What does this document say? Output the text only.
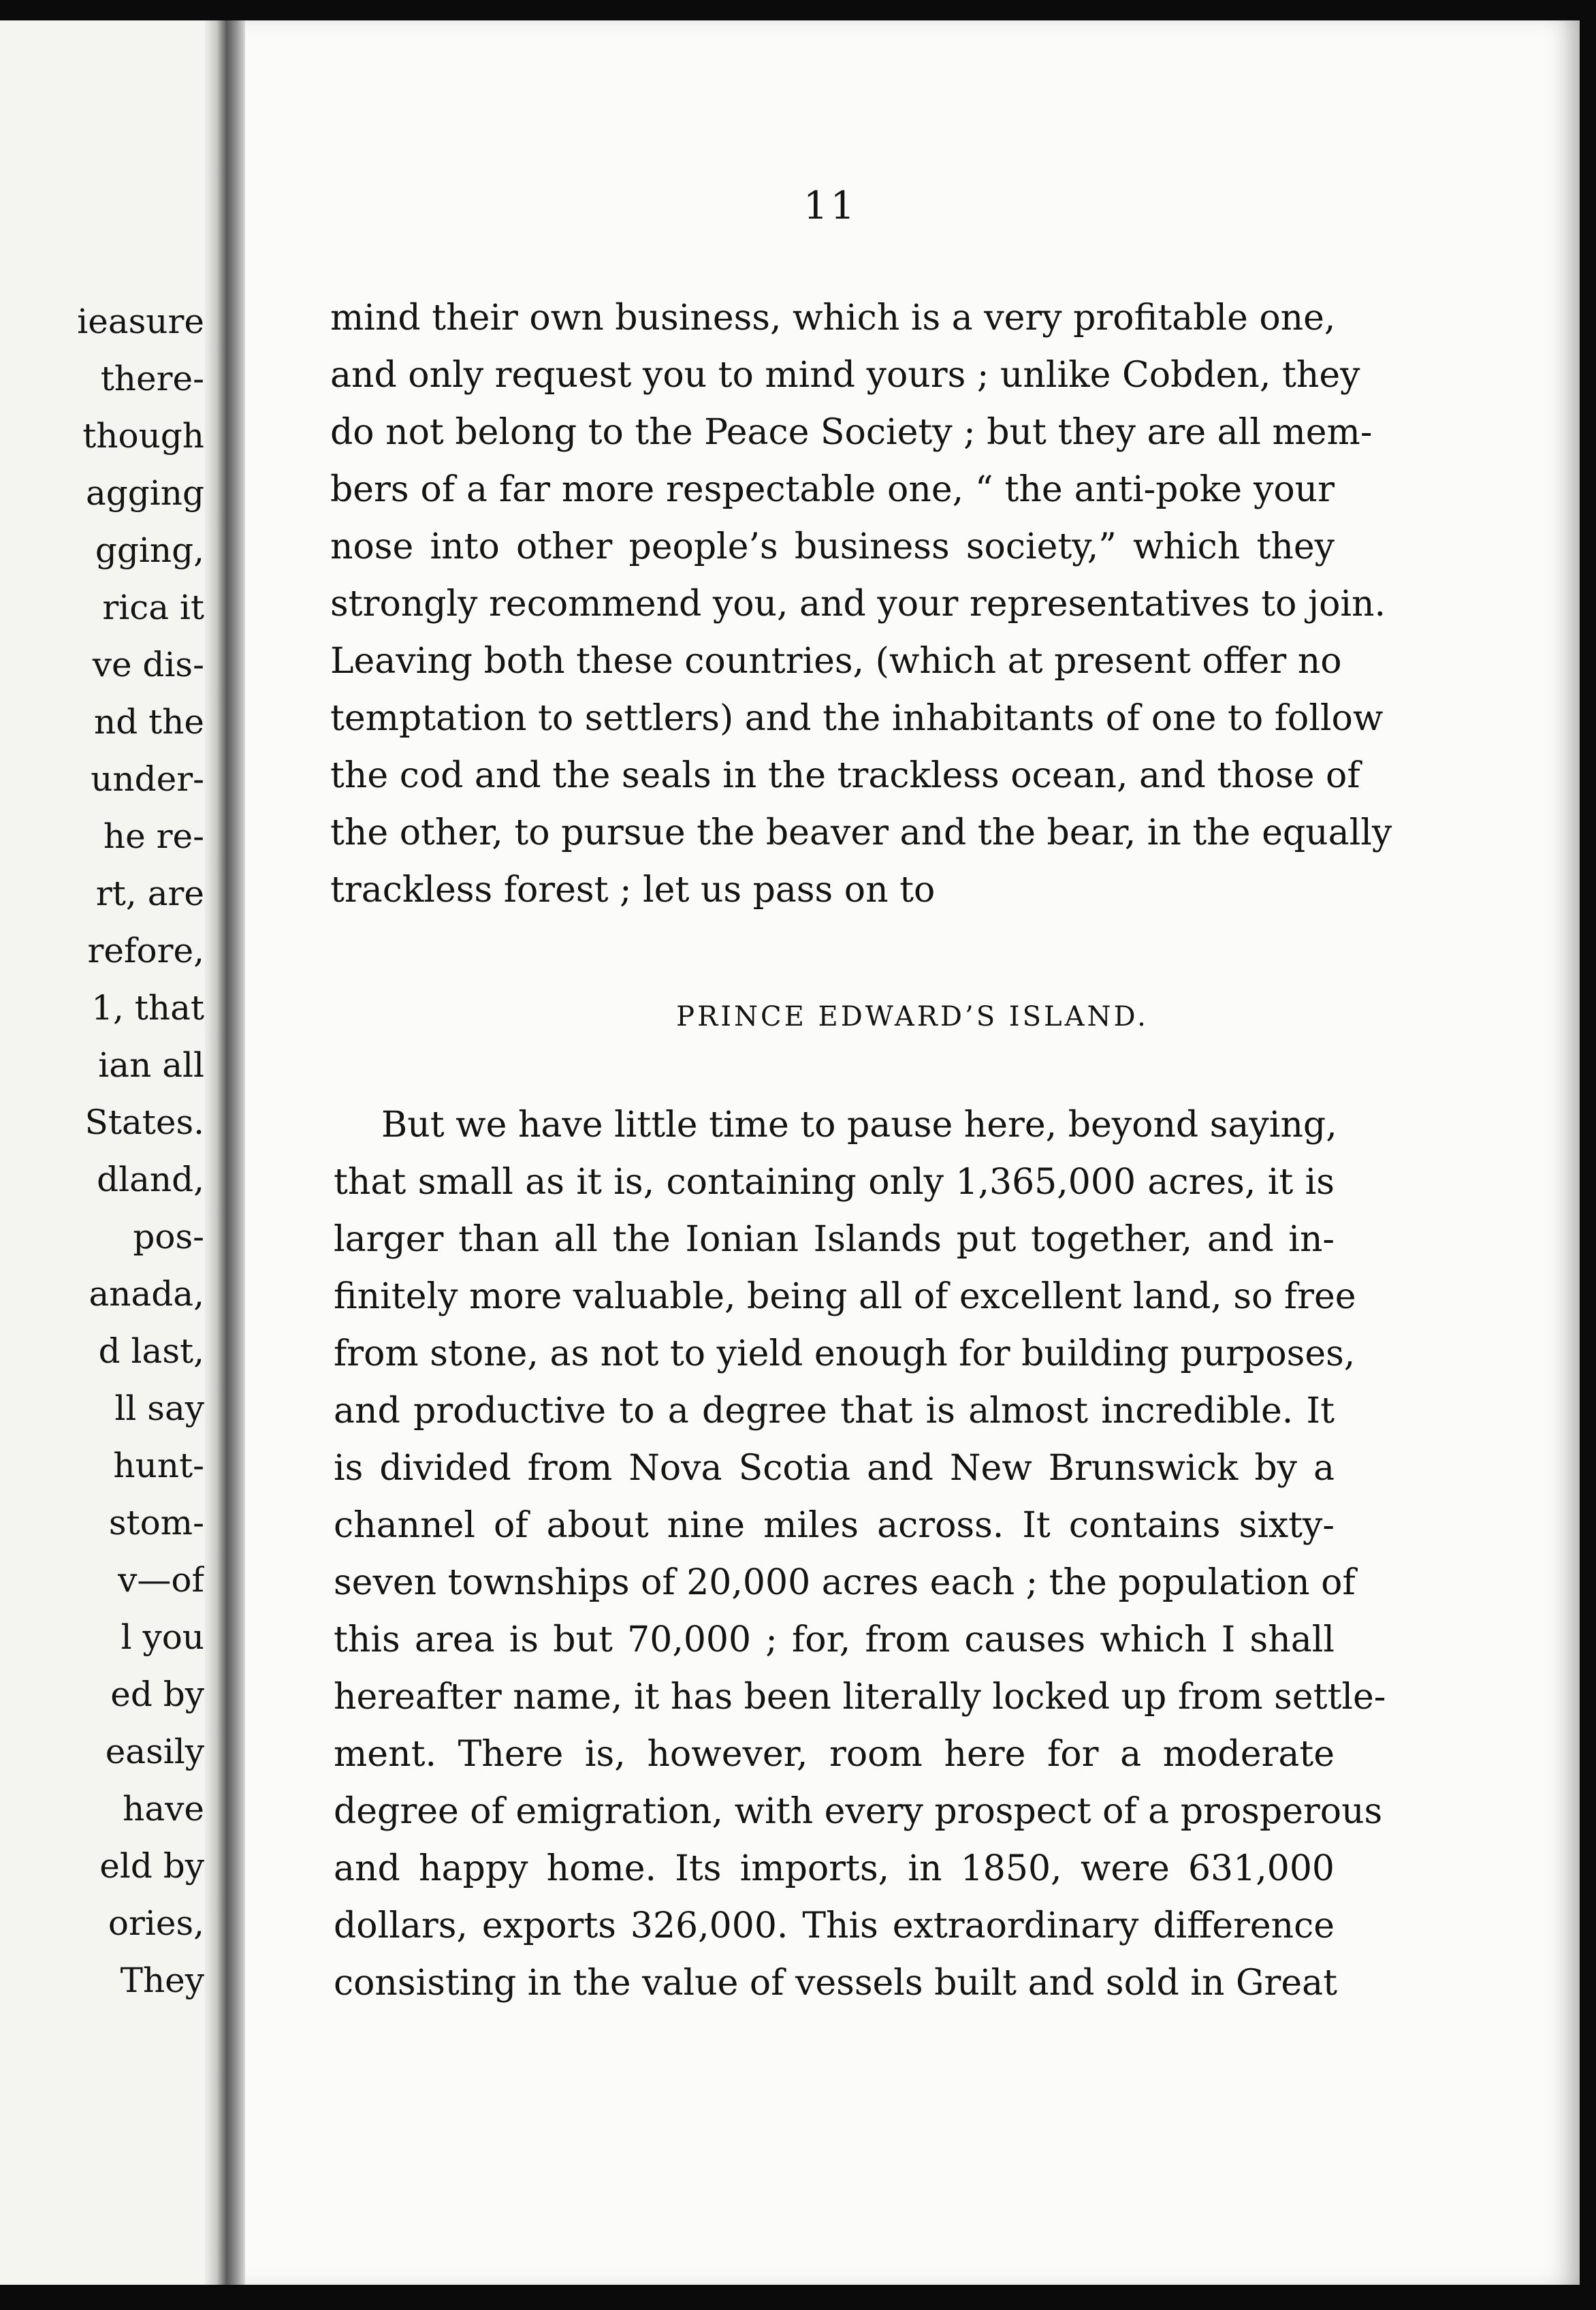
ieasure
there-
though
agging
gging,
rica it
ve dis-
nd the
under-
he re-
rt, are
refore,
1, that
ian all
States.
dland,
pos-
anada,
d last,
ll say
hunt-
stom-
v—of
l you
ed by
easily
have
eld by
ories,
They
11
mind their own business, which is a very profitable one,
and only request you to mind yours ; unlike Cobden, they
do not belong to the Peace Society ; but they are all mem-
bers of a far more respectable one, “ the anti-poke your
nose into other people’s business society,” which they
strongly recommend you, and your representatives to join.
Leaving both these countries, (which at present offer no
temptation to settlers) and the inhabitants of one to follow
the cod and the seals in the trackless ocean, and those of
the other, to pursue the beaver and the bear, in the equally
trackless forest ; let us pass on to
PRINCE EDWARD’S ISLAND.
But we have little time to pause here, beyond saying,
that small as it is, containing only 1,365,000 acres, it is
larger than all the Ionian Islands put together, and in-
finitely more valuable, being all of excellent land, so free
from stone, as not to yield enough for building purposes,
and productive to a degree that is almost incredible. It
is divided from Nova Scotia and New Brunswick by a
channel of about nine miles across. It contains sixty-
seven townships of 20,000 acres each ; the population of
this area is but 70,000 ; for, from causes which I shall
hereafter name, it has been literally locked up from settle-
ment. There is, however, room here for a moderate
degree of emigration, with every prospect of a prosperous
and happy home. Its imports, in 1850, were 631,000
dollars, exports 326,000. This extraordinary difference
consisting in the value of vessels built and sold in Great
